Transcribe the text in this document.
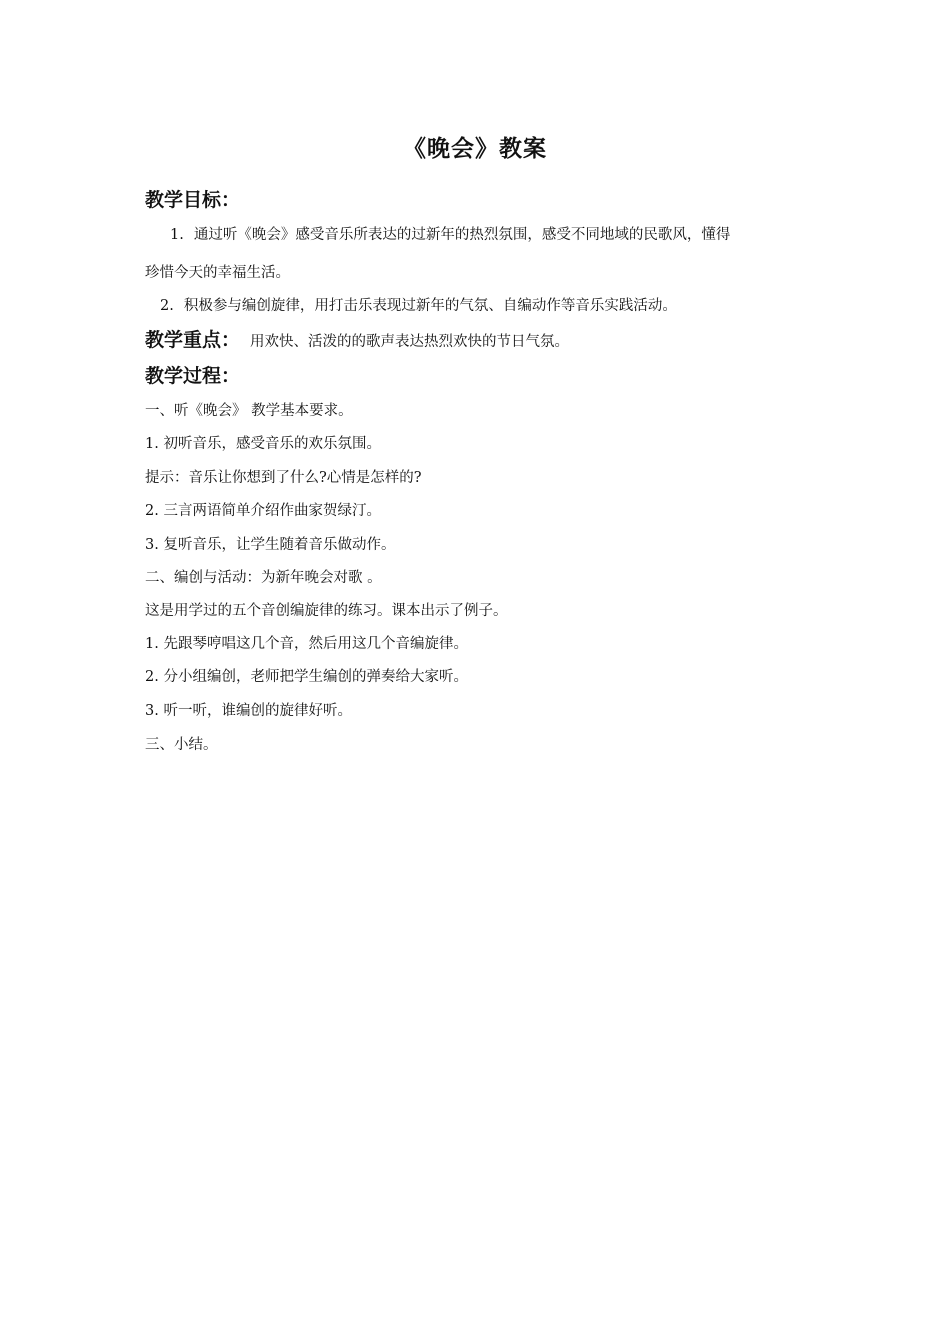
《晚会》教案
教学目标：
1. 通过听《晚会》感受音乐所表达的过新年的热烈氛围，感受不同地域的民歌风，懂得
珍惜今天的幸福生活。
2. 积极参与编创旋律，用打击乐表现过新年的气氛、自编动作等音乐实践活动。
教学重点： 用欢快、活泼的的歌声表达热烈欢快的节日气氛。
教学过程：
一、听《晚会》 教学基本要求。
1. 初听音乐，感受音乐的欢乐氛围。
提示：音乐让你想到了什么?心情是怎样的?
2. 三言两语简单介绍作曲家贺绿汀。
3. 复听音乐，让学生随着音乐做动作。
二、编创与活动：为新年晚会对歌 。
这是用学过的五个音创编旋律的练习。课本出示了例子。
1. 先跟琴哼唱这几个音，然后用这几个音编旋律。
2. 分小组编创，老师把学生编创的弹奏给大家听。
3. 听一听，谁编创的旋律好听。
三、小结。
